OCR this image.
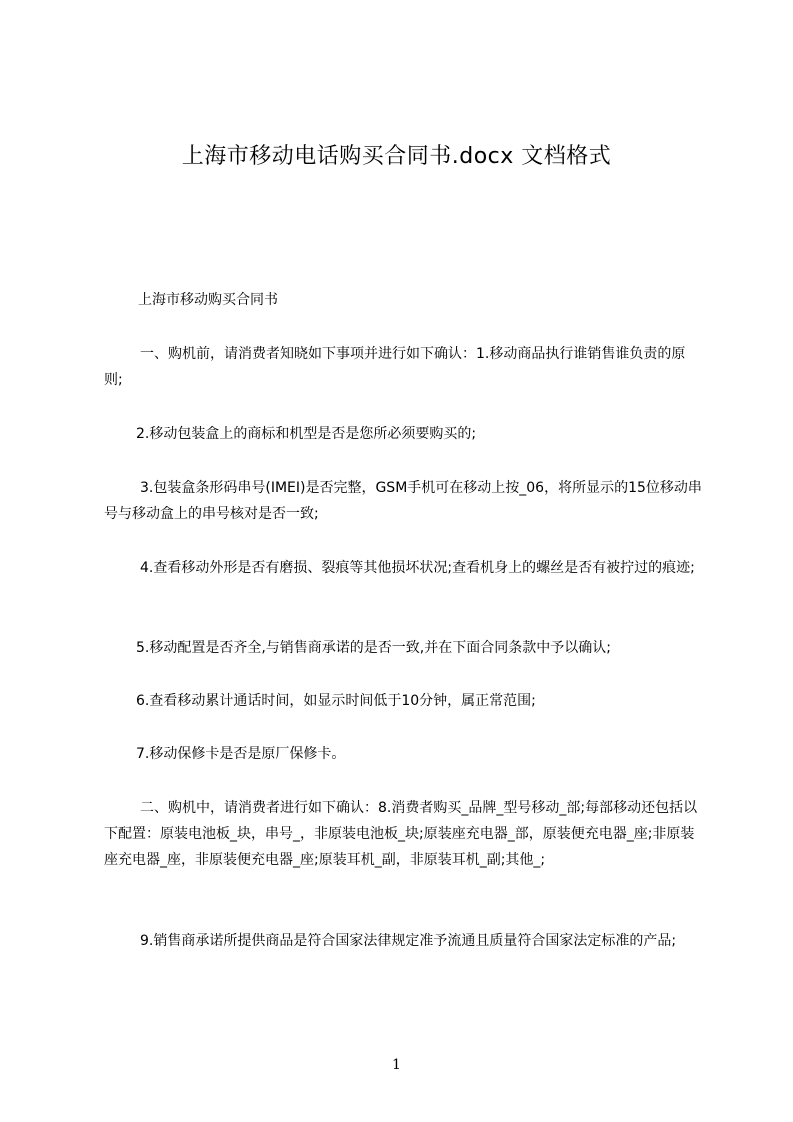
上海市移动电话购买合同书.docx 文档格式

上海市移动购买合同书

一、购机前，请消费者知晓如下事项并进行如下确认：1.移动商品执行谁销售谁负责的原则;

2.移动包装盒上的商标和机型是否是您所必须要购买的;

3.包装盒条形码串号(IMEI)是否完整，GSM手机可在移动上按_06，将所显示的15位移动串号与移动盒上的串号核对是否一致;

4.查看移动外形是否有磨损、裂痕等其他损坏状况;查看机身上的螺丝是否有被拧过的痕迹;

5.移动配置是否齐全,与销售商承诺的是否一致,并在下面合同条款中予以确认;

6.查看移动累计通话时间，如显示时间低于10分钟，属正常范围;

7.移动保修卡是否是原厂保修卡。

二、购机中，请消费者进行如下确认：8.消费者购买_品牌_型号移动_部;每部移动还包括以下配置：原装电池板_块，串号_，非原装电池板_块;原装座充电器_部，原装便充电器_座;非原装座充电器_座，非原装便充电器_座;原装耳机_副，非原装耳机_副;其他_;

9.销售商承诺所提供商品是符合国家法律规定准予流通且质量符合国家法定标准的产品;

1
